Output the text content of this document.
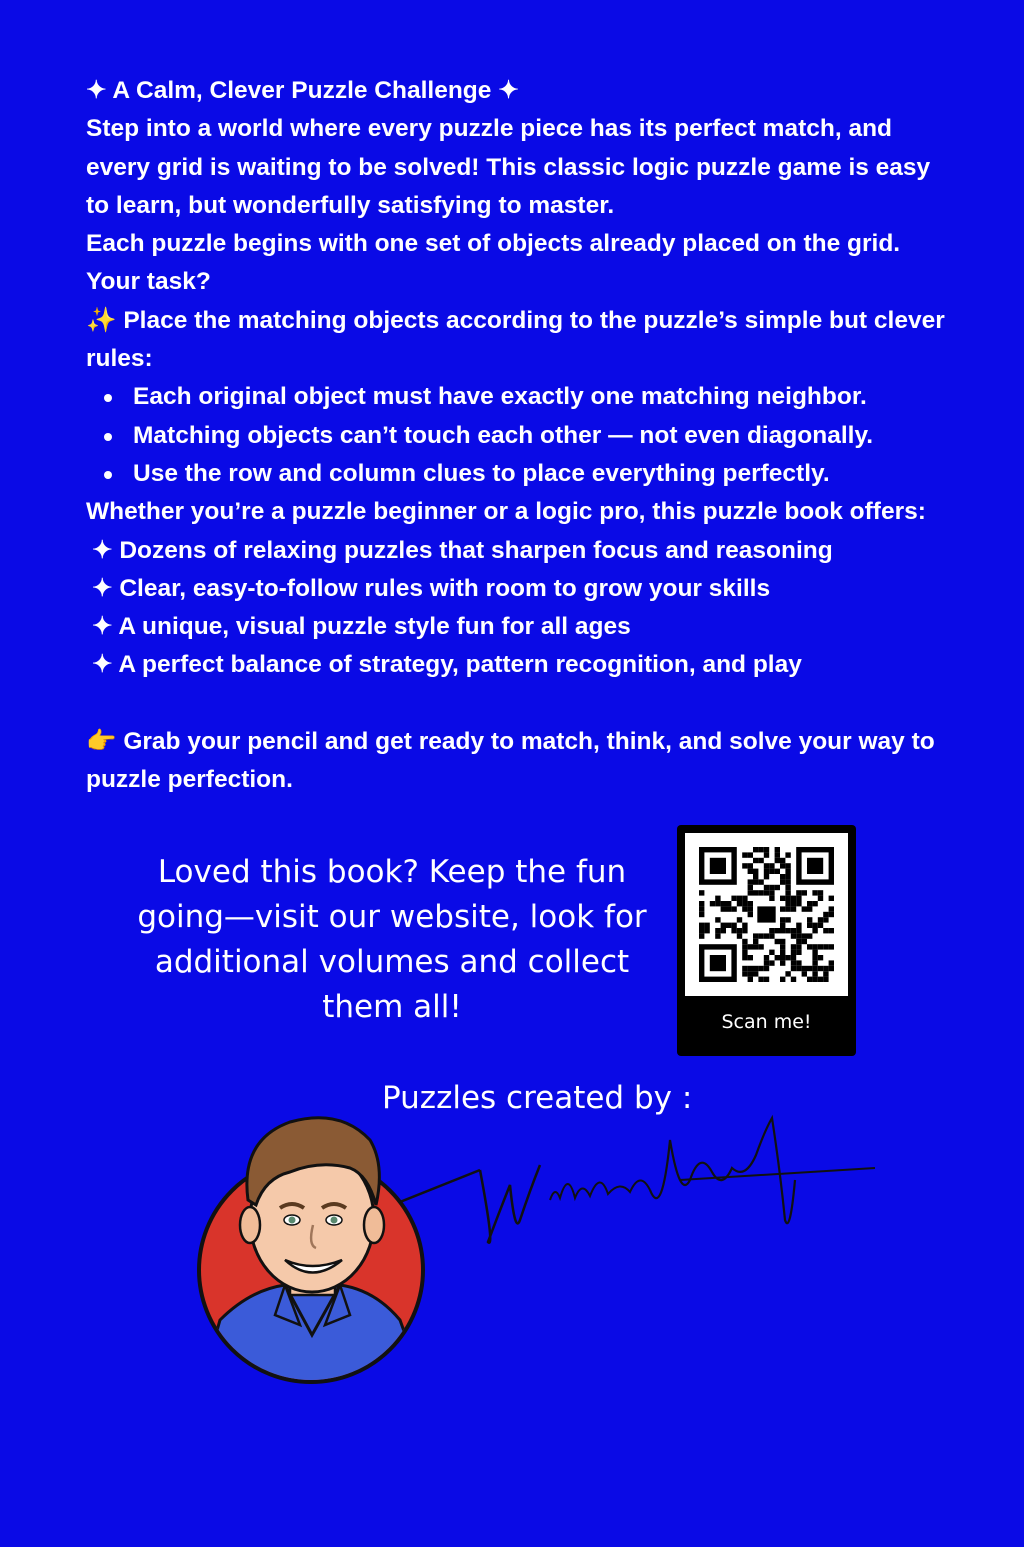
✦ A Calm, Clever Puzzle Challenge ✦

Step into a world where every puzzle piece has its perfect match, and every grid is waiting to be solved! This classic logic puzzle game is easy to learn, but wonderfully satisfying to master.

Each puzzle begins with one set of objects already placed on the grid. Your task?

✨ Place the matching objects according to the puzzle’s simple but clever rules:

Each original object must have exactly one matching neighbor.
Matching objects can’t touch each other — not even diagonally.
Use the row and column clues to place everything perfectly.

Whether you’re a puzzle beginner or a logic pro, this puzzle book offers:

✦ Dozens of relaxing puzzles that sharpen focus and reasoning
✦ Clear, easy-to-follow rules with room to grow your skills
✦ A unique, visual puzzle style fun for all ages
✦ A perfect balance of strategy, pattern recognition, and play

👉 Grab your pencil and get ready to match, think, and solve your way to puzzle perfection.

Loved this book? Keep the fun going—visit our website, look for additional volumes and collect them all!	Scan me!
Puzzles created by :
